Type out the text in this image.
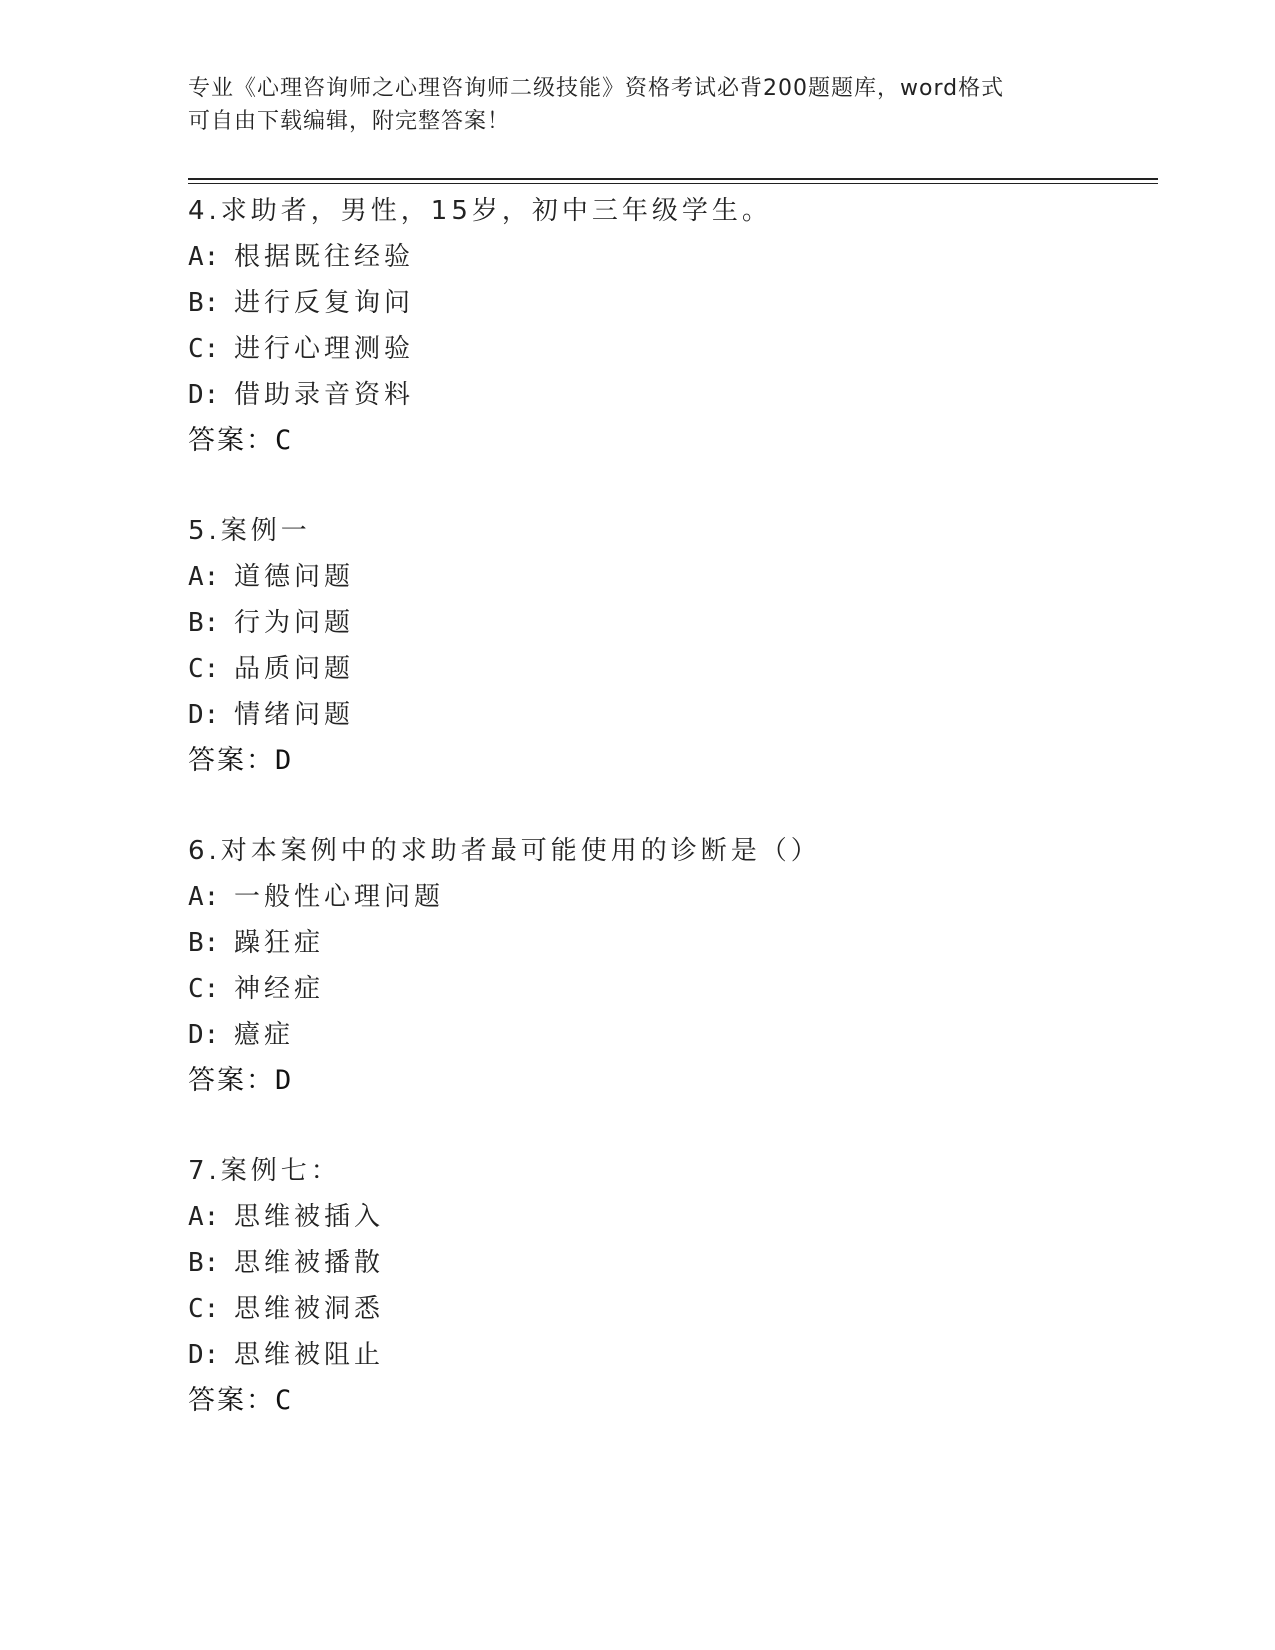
专业《心理咨询师之心理咨询师二级技能》资格考试必背200题题库，word格式
可自由下载编辑，附完整答案！
4.求助者，男性，15岁，初中三年级学生。
A: 根据既往经验
B: 进行反复询问
C: 进行心理测验
D: 借助录音资料
答案：C
5.案例一
A: 道德问题
B: 行为问题
C: 品质问题
D: 情绪问题
答案：D
6.对本案例中的求助者最可能使用的诊断是（）
A: 一般性心理问题
B: 躁狂症
C: 神经症
D: 癔症
答案：D
7.案例七：
A: 思维被插入
B: 思维被播散
C: 思维被洞悉
D: 思维被阻止
答案：C
